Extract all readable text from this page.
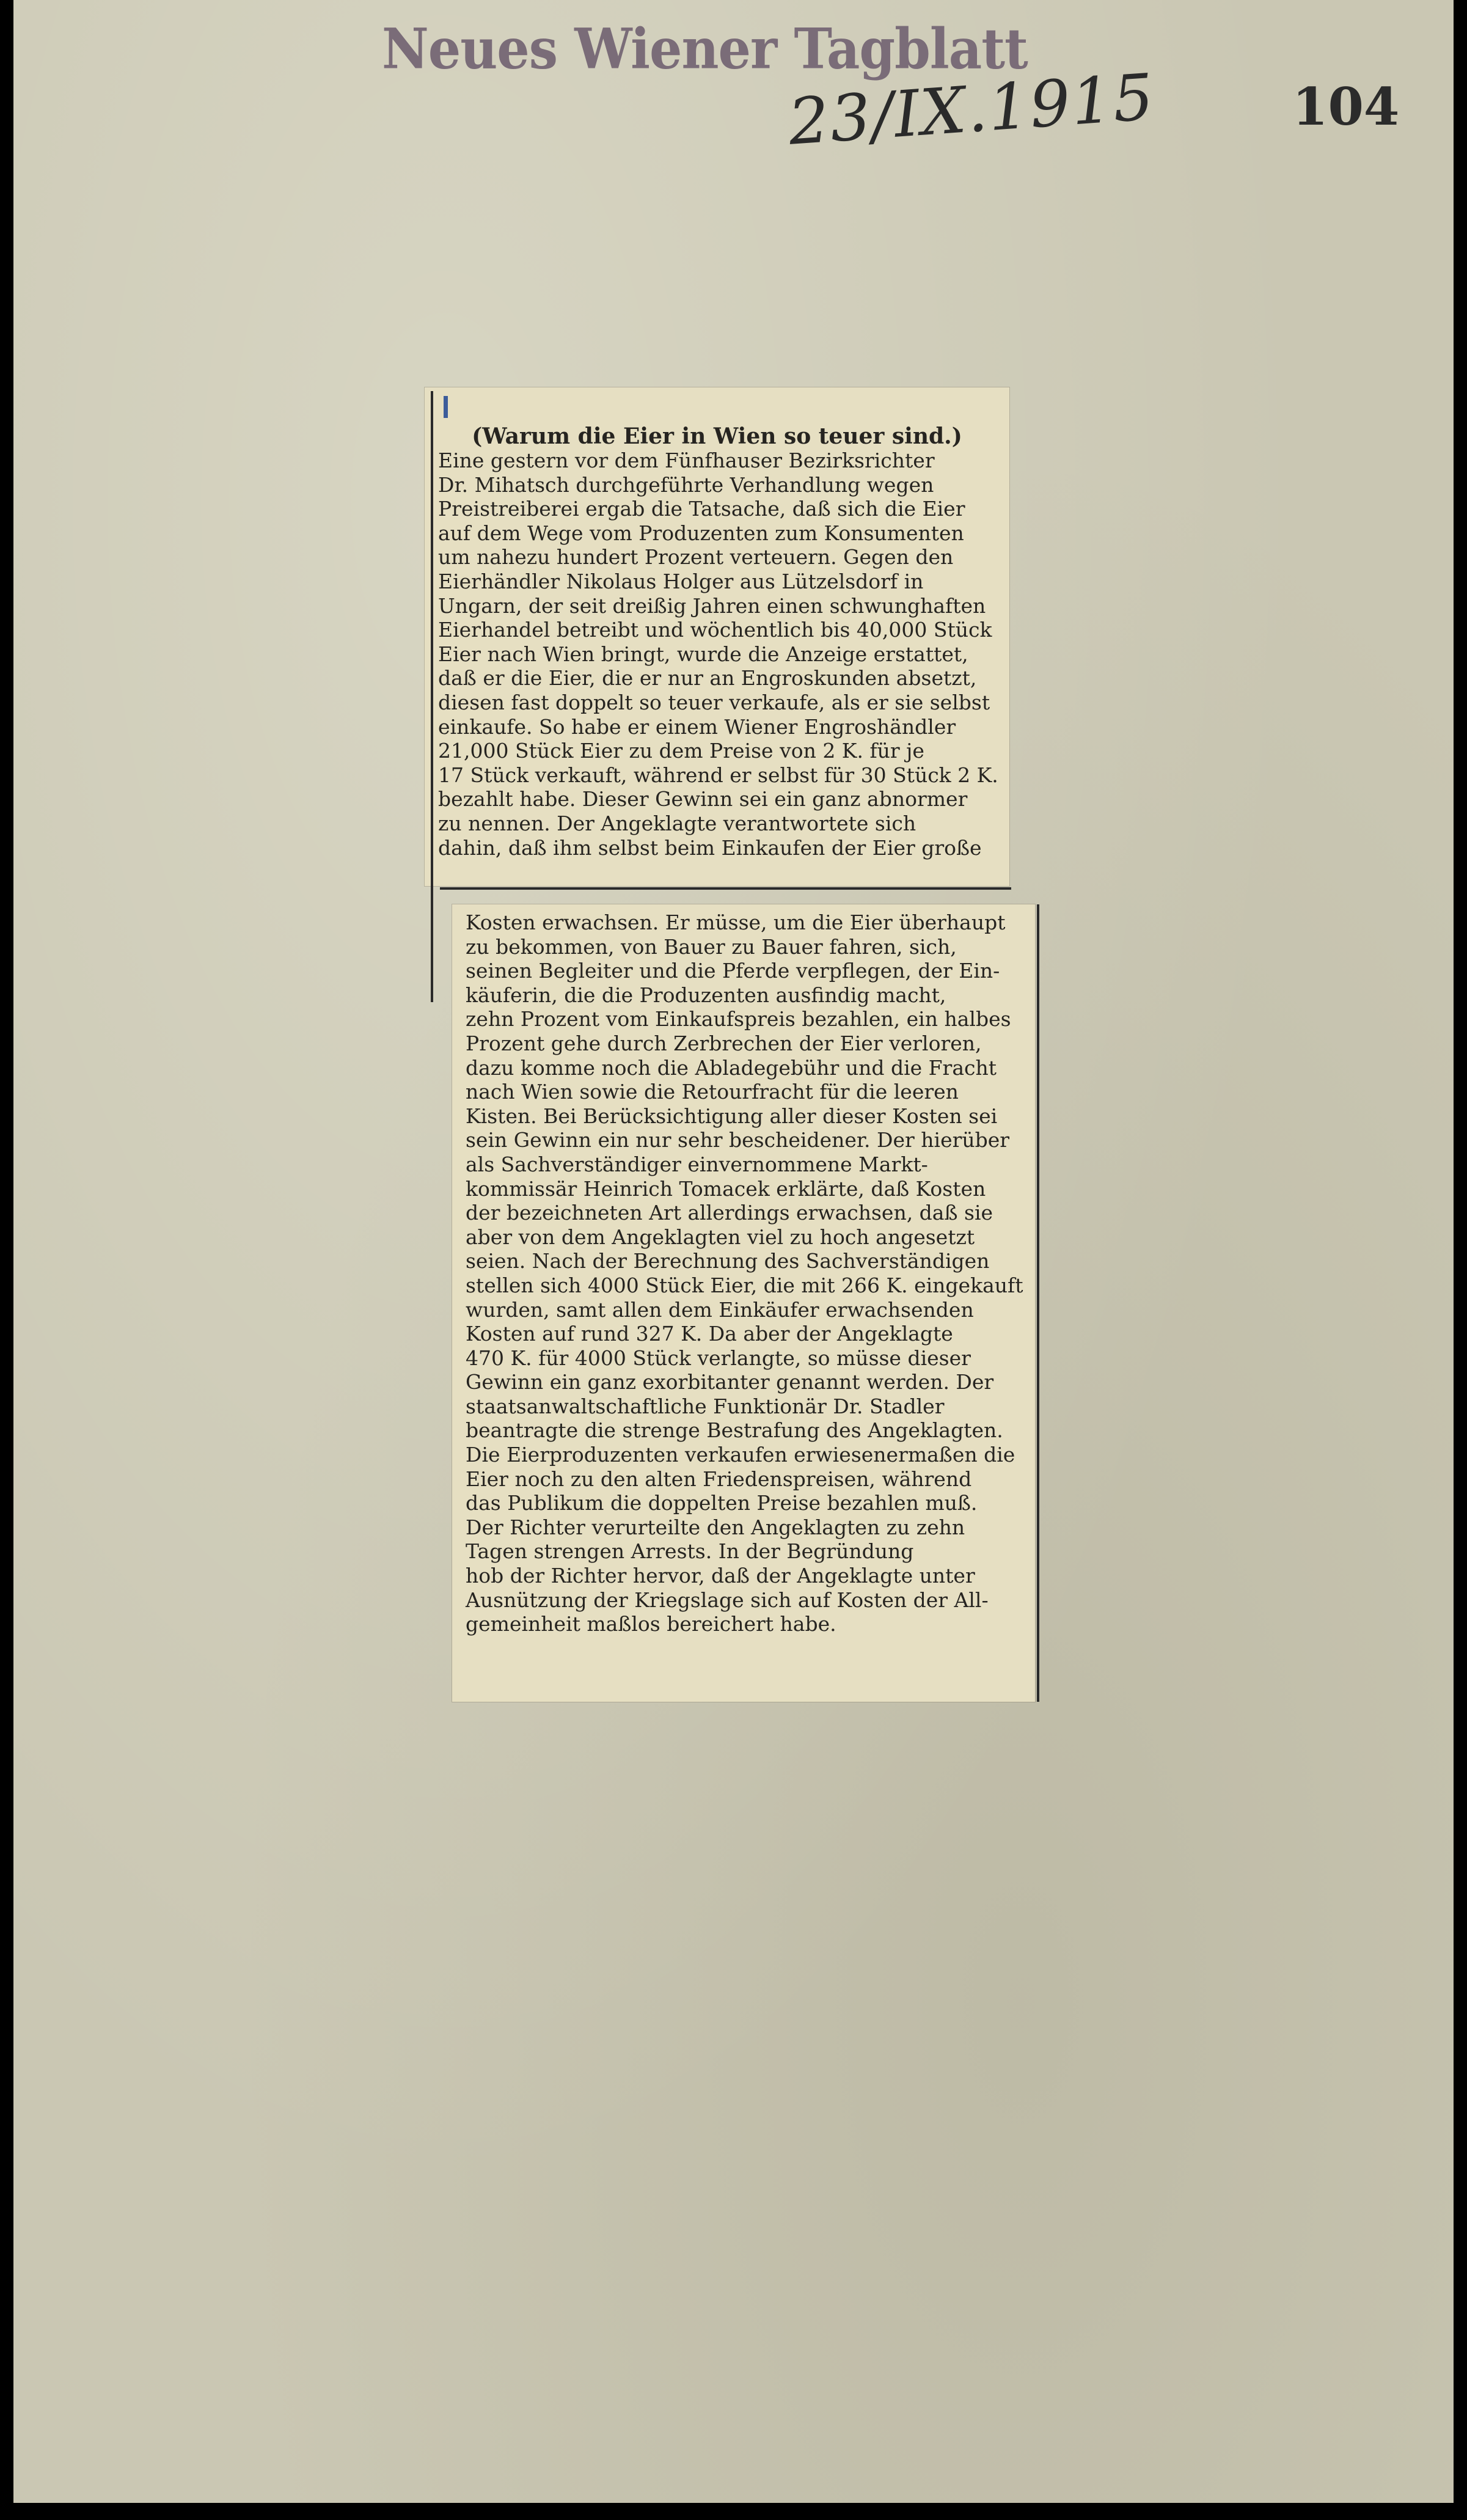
Neues Wiener Tagblatt
23/IX.1915	104
(Warum die Eier in Wien so teuer sind.)
Eine gestern vor dem Fünfhauser Bezirksrichter
Dr. Mihatsch durchgeführte Verhandlung wegen
Preistreiberei ergab die Tatsache, daß sich die Eier
auf dem Wege vom Produzenten zum Konsumenten
um nahezu hundert Prozent verteuern. Gegen den
Eierhändler Nikolaus Holger aus Lützelsdorf in
Ungarn, der seit dreißig Jahren einen schwunghaften
Eierhandel betreibt und wöchentlich bis 40,000 Stück
Eier nach Wien bringt, wurde die Anzeige erstattet,
daß er die Eier, die er nur an Engroskunden absetzt,
diesen fast doppelt so teuer verkaufe, als er sie selbst
einkaufe. So habe er einem Wiener Engroshändler
21,000 Stück Eier zu dem Preise von 2 K. für je
17 Stück verkauft, während er selbst für 30 Stück 2 K.
bezahlt habe. Dieser Gewinn sei ein ganz abnormer
zu nennen. Der Angeklagte verantwortete sich
dahin, daß ihm selbst beim Einkaufen der Eier große
Kosten erwachsen. Er müsse, um die Eier überhaupt
zu bekommen, von Bauer zu Bauer fahren, sich,
seinen Begleiter und die Pferde verpflegen, der Ein-
käuferin, die die Produzenten ausfindig macht,
zehn Prozent vom Einkaufspreis bezahlen, ein halbes
Prozent gehe durch Zerbrechen der Eier verloren,
dazu komme noch die Abladegebühr und die Fracht
nach Wien sowie die Retourfracht für die leeren
Kisten. Bei Berücksichtigung aller dieser Kosten sei
sein Gewinn ein nur sehr bescheidener. Der hierüber
als Sachverständiger einvernommene Markt-
kommissär Heinrich Tomacek erklärte, daß Kosten
der bezeichneten Art allerdings erwachsen, daß sie
aber von dem Angeklagten viel zu hoch angesetzt
seien. Nach der Berechnung des Sachverständigen
stellen sich 4000 Stück Eier, die mit 266 K. eingekauft
wurden, samt allen dem Einkäufer erwachsenden
Kosten auf rund 327 K. Da aber der Angeklagte
470 K. für 4000 Stück verlangte, so müsse dieser
Gewinn ein ganz exorbitanter genannt werden. Der
staatsanwaltschaftliche Funktionär Dr. Stadler
beantragte die strenge Bestrafung des Angeklagten.
Die Eierproduzenten verkaufen erwiesenermaßen die
Eier noch zu den alten Friedenspreisen, während
das Publikum die doppelten Preise bezahlen muß.
Der Richter verurteilte den Angeklagten zu zehn
Tagen strengen Arrests. In der Begründung
hob der Richter hervor, daß der Angeklagte unter
Ausnützung der Kriegslage sich auf Kosten der All-
gemeinheit maßlos bereichert habe.
